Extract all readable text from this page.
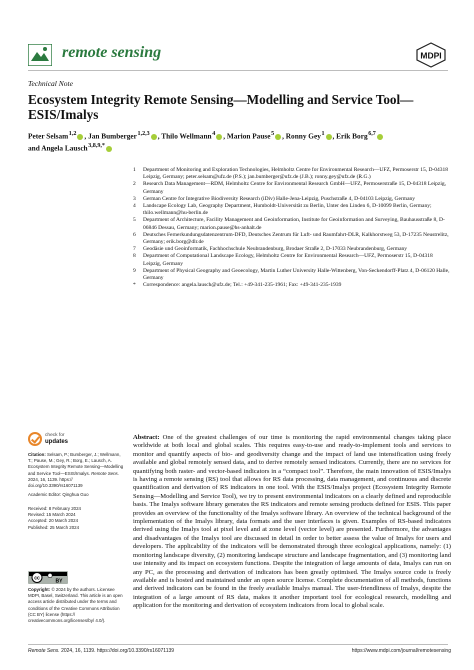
remote sensing	MDPI
Technical Note
Ecosystem Integrity Remote Sensing—Modelling and Service Tool—ESIS/Imalys
Peter Selsam $^{1,2}$ , Jan Bumberger $^{1,2,3}$ , Thilo Wellmann $^4$ , Marion Pause $^5$ , Ronny Gey $^1$ , Erik Borg $^{6,7}$
and Angela Lausch $^{3,8,9,*}$
1 Department of Monitoring and Exploration Technologies, Helmholtz Centre for Environmental Research—UFZ, Permoserstr 15, D-04318 Leipzig, Germany; peter.selsam@ufz.de (P.S.); jan.bumberger@ufz.de (J.B.); ronny.gey@ufz.de (R.G.)
2 Research Data Management—RDM, Helmholtz Centre for Environmental Research GmbH—UFZ, Permoserstraße 15, D-04318 Leipzig, Germany
3 German Centre for Integrative Biodiversity Research (iDiv) Halle-Jena-Leipzig, Puschstraße 4, D-04103 Leipzig, Germany
4 Landscape Ecology Lab, Geography Department, Humboldt-Universität zu Berlin, Unter den Linden 6, D-10099 Berlin, Germany; thilo.wellmann@hu-berlin.de
5 Department of Architecture, Facility Management and Geoinformation, Institute for Geoinformation and Surveying, Bauhausstraße 8, D-06846 Dessau, Germany; marion.pause@hs-anhalt.de
6 Deutsches Fernerkundungsdatenzentrum-DFD, Deutsches Zentrum für Luft- und Raumfahrt-DLR, Kalkhorstweg 53, D-17235 Neustrelitz, Germany; erik.borg@dlr.de
7 Geodäsie und Geoinformatik, Fachhochschule Neubrandenburg, Brodaer Straße 2, D-17033 Neubrandenburg, Germany
8 Department of Computational Landscape Ecology, Helmholtz Centre for Environmental Research—UFZ, Permoserstr 15, D-04318 Leipzig, Germany
9 Department of Physical Geography and Geoecology, Martin Luther University Halle-Wittenberg, Von-Seckendorff-Platz 4, D-06120 Halle, Germany
* Correspondence: angela.lausch@ufz.de; Tel.: +49-341-235-1961; Fax: +49-341-235-1939
check for
updates
Citation: Selsam, P.; Bumberger, J.; Wellmann, T.; Pause, M.; Gey, R.; Borg, E.; Lausch, A. Ecosystem Integrity Remote Sensing—Modelling and Service Tool—ESIS/Imalys. Remote Sens. 2024, 16, 1139. https:// doi.org/10.3390/rs16071139
Academic Editor: Qinghua Guo
Received: 8 February 2024
Revised: 15 March 2024
Accepted: 20 March 2024
Published: 25 March 2024
cc
BY
Copyright: © 2024 by the authors. Licensee MDPI, Basel, Switzerland. This article is an open access article distributed under the terms and conditions of the Creative Commons Attribution (CC BY) license (https:// creativecommons.org/licenses/by/ 4.0/).
Abstract: One of the greatest challenges of our time is monitoring the rapid environmental changes taking place worldwide at both local and global scales. This requires easy-to-use and ready-to-implement tools and services to monitor and quantify aspects of bio- and geodiversity change and the impact of land use intensification using freely available and global remotely sensed data, and to derive remotely sensed indicators. Currently, there are no services for quantifying both raster- and vector-based indicators in a “compact tool”. Therefore, the main innovation of ESIS/Imalys is having a remote sensing (RS) tool that allows for RS data processing, data management, and continuous and discrete quantification and derivation of RS indicators in one tool. With the ESIS/Imalys project (Ecosystem Integrity Remote Sensing—Modelling and Service Tool), we try to present environmental indicators on a clearly defined and reproducible basis. The Imalys software library generates the RS indicators and remote sensing products defined for ESIS. This paper provides an overview of the functionality of the Imalys software library. An overview of the technical background of the implementation of the Imalys library, data formats and the user interfaces is given. Examples of RS-based indicators derived using the Imalys tool at pixel level and at zone level (vector level) are presented. Furthermore, the advantages and disadvantages of the Imalys tool are discussed in detail in order to better assess the value of Imalys for users and developers. The applicability of the indicators will be demonstrated through three ecological applications, namely: (1) monitoring landscape diversity, (2) monitoring landscape structure and landscape fragmentation, and (3) monitoring land use intensity and its impact on ecosystem functions. Despite the integration of large amounts of data, Imalys can run on any PC, as the processing and derivation of indicators has been greatly optimised. The Imalys source code is freely available and is hosted and maintained under an open source license. Complete documentation of all methods, functions and derived indicators can be found in the freely available Imalys manual. The user-friendliness of Imalys, despite the integration of a large amount of RS data, makes it another important tool for ecological research, modelling and application for the monitoring and derivation of ecosystem indicators from local to global scale.
Remote Sens. 2024, 16, 1139. https://doi.org/10.3390/rs16071139	https://www.mdpi.com/journal/remotesensing
